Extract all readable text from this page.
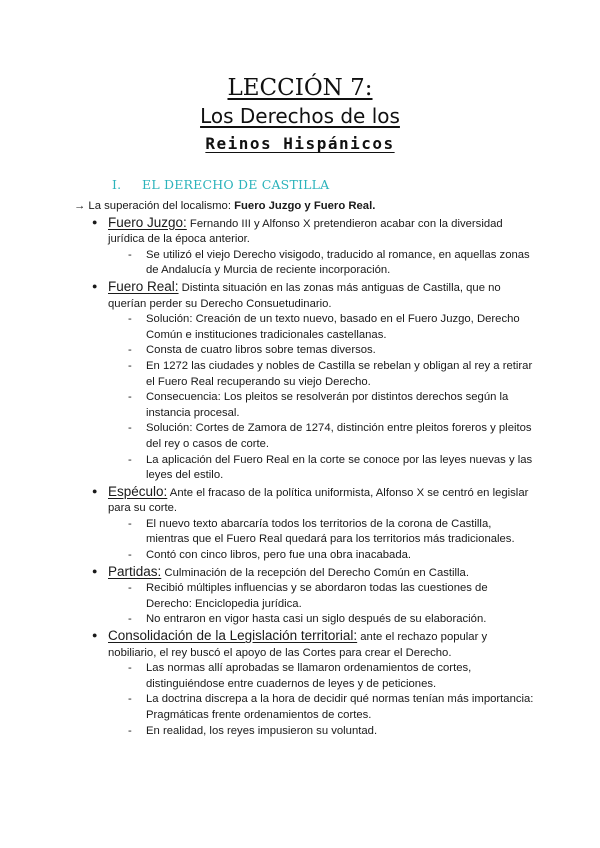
LECCIÓN 7:
Los Derechos de los
Reinos Hispánicos
I. EL DERECHO DE CASTILLA

→ La superación del localismo: Fuero Juzgo y Fuero Real.

● Fuero Juzgo: Fernando III y Alfonso X pretendieron acabar con la diversidad jurídica de la época anterior.
- Se utilizó el viejo Derecho visigodo, traducido al romance, en aquellas zonas de Andalucía y Murcia de reciente incorporación.
● Fuero Real: Distinta situación en las zonas más antiguas de Castilla, que no querían perder su Derecho Consuetudinario.
- Solución: Creación de un texto nuevo, basado en el Fuero Juzgo, Derecho Común e instituciones tradicionales castellanas.
- Consta de cuatro libros sobre temas diversos.
- En 1272 las ciudades y nobles de Castilla se rebelan y obligan al rey a retirar el Fuero Real recuperando su viejo Derecho.
- Consecuencia: Los pleitos se resolverán por distintos derechos según la instancia procesal.
- Solución: Cortes de Zamora de 1274, distinción entre pleitos foreros y pleitos del rey o casos de corte.
- La aplicación del Fuero Real en la corte se conoce por las leyes nuevas y las leyes del estilo.
● Espéculo: Ante el fracaso de la política uniformista, Alfonso X se centró en legislar para su corte.
- El nuevo texto abarcaría todos los territorios de la corona de Castilla, mientras que el Fuero Real quedará para los territorios más tradicionales.
- Contó con cinco libros, pero fue una obra inacabada.
● Partidas: Culminación de la recepción del Derecho Común en Castilla.
- Recibió múltiples influencias y se abordaron todas las cuestiones de Derecho: Enciclopedia jurídica.
- No entraron en vigor hasta casi un siglo después de su elaboración.
● Consolidación de la Legislación territorial: ante el rechazo popular y nobiliario, el rey buscó el apoyo de las Cortes para crear el Derecho.
- Las normas allí aprobadas se llamaron ordenamientos de cortes, distinguiéndose entre cuadernos de leyes y de peticiones.
- La doctrina discrepa a la hora de decidir qué normas tenían más importancia: Pragmáticas frente ordenamientos de cortes.
- En realidad, los reyes impusieron su voluntad.
